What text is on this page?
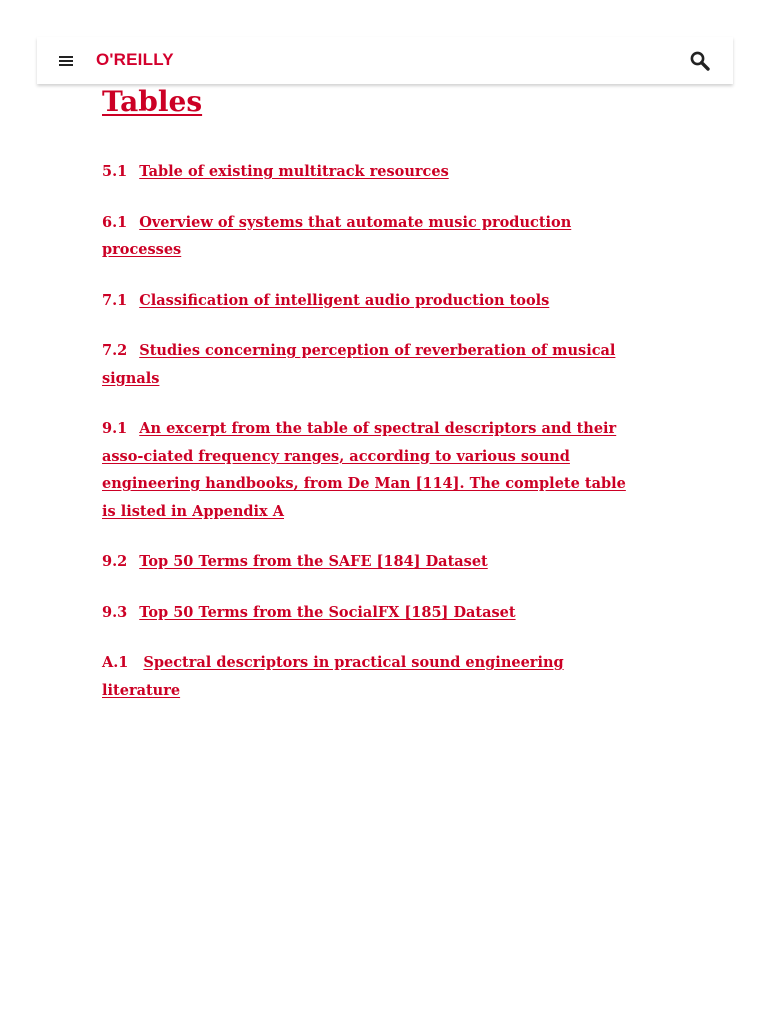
O'REILLY
Tables
5.1 Table of existing multitrack resources
6.1 Overview of systems that automate music production processes
7.1 Classification of intelligent audio production tools
7.2 Studies concerning perception of reverberation of musical signals
9.1 An excerpt from the table of spectral descriptors and their asso-ciated frequency ranges, according to various sound engineering handbooks, from De Man [114]. The complete table is listed in Appendix A
9.2 Top 50 Terms from the SAFE [184] Dataset
9.3 Top 50 Terms from the SocialFX [185] Dataset
A.1 Spectral descriptors in practical sound engineering literature
